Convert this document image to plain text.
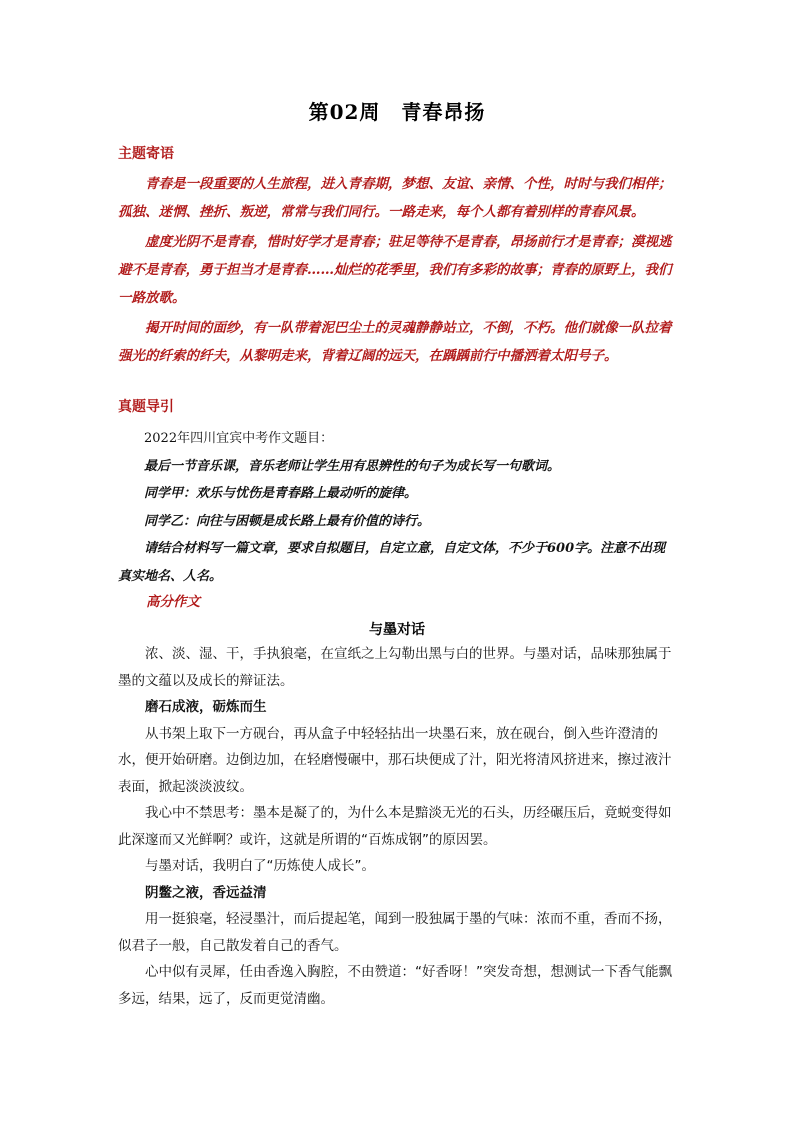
第02周　青春昂扬
主题寄语

青春是一段重要的人生旅程，进入青春期，梦想、友谊、亲情、个性，时时与我们相伴；孤独、迷惘、挫折、叛逆，常常与我们同行。一路走来，每个人都有着别样的青春风景。

虚度光阴不是青春，惜时好学才是青春；驻足等待不是青春，昂扬前行才是青春；漠视逃避不是青春，勇于担当才是青春……灿烂的花季里，我们有多彩的故事；青春的原野上，我们一路放歌。

揭开时间的面纱，有一队带着泥巴尘土的灵魂静静站立，不倒，不朽。他们就像一队拉着强光的纤索的纤夫，从黎明走来，背着辽阔的远天，在踽踽前行中播洒着太阳号子。

真题导引

2022年四川宜宾中考作文题目：

最后一节音乐课，音乐老师让学生用有思辨性的句子为成长写一句歌词。

同学甲：欢乐与忧伤是青春路上最动听的旋律。

同学乙：向往与困顿是成长路上最有价值的诗行。

请结合材料写一篇文章，要求自拟题目，自定立意，自定文体，不少于600字。注意不出现真实地名、人名。

高分作文
与墨对话

浓、淡、湿、干，手执狼毫，在宣纸之上勾勒出黑与白的世界。与墨对话，品味那独属于墨的文蕴以及成长的辩证法。

磨石成液，砺炼而生

从书架上取下一方砚台，再从盒子中轻轻拈出一块墨石来，放在砚台，倒入些许澄清的水，便开始研磨。边倒边加，在轻磨慢碾中，那石块便成了汁，阳光将清风挤进来，擦过液汁表面，掀起淡淡波纹。

我心中不禁思考：墨本是凝了的，为什么本是黯淡无光的石头，历经碾压后，竟蜕变得如此深邃而又光鲜啊？或许，这就是所谓的“百炼成钢”的原因罢。

与墨对话，我明白了“历炼使人成长”。

阴鳖之液，香远益清

用一挺狼毫，轻浸墨汁，而后提起笔，闻到一股独属于墨的气味：浓而不重，香而不扬，似君子一般，自己散发着自己的香气。

心中似有灵犀，任由香逸入胸腔，不由赞道：“好香呀！”突发奇想，想测试一下香气能飘多远，结果，远了，反而更觉清幽。
